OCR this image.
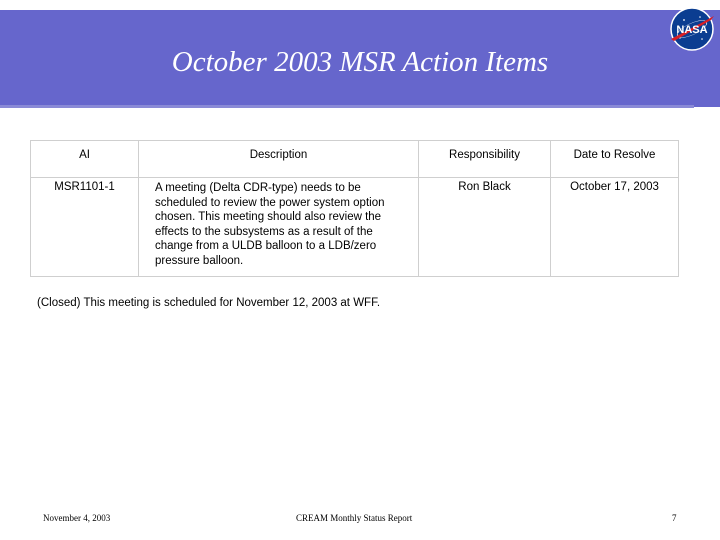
October 2003 MSR Action Items
NASA
AI	Description	Responsibility	Date to Resolve
MSR1101-1	A meeting (Delta CDR-type) needs to be scheduled to review the power system option chosen. This meeting should also review the effects to the subsystems as a result of the change from a ULDB balloon to a LDB/zero pressure balloon.	Ron Black	October 17, 2003
(Closed) This meeting is scheduled for November 12, 2003 at WFF.
November 4, 2003	CREAM Monthly Status Report	7
